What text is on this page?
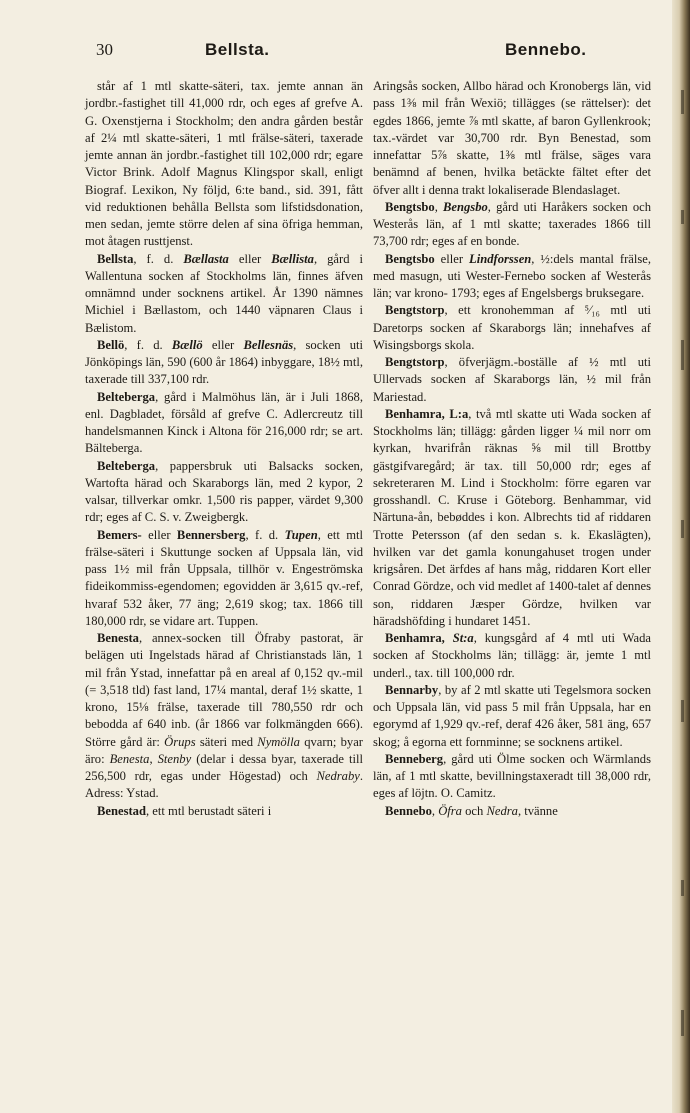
30	Bellsta.	Bennebo.

står af 1 mtl skatte-säteri, tax. jemte annan än jordbr.-fastighet till 41,000 rdr, och eges af grefve A. G. Oxenstjerna i Stockholm; den andra gården består af 2¼ mtl skatte-säteri, 1 mtl frälse-säteri, taxerade jemte annan än jordbr.-fastighet till 102,000 rdr; egare Victor Brink. Adolf Magnus Klingspor skall, enligt Biograf. Lexikon, Ny följd, 6:te band., sid. 391, fått vid reduktionen behålla Bellsta som lifstidsdonation, men sedan, jemte större delen af sina öfriga hemman, mot åtagen rusttjenst.

Bellsta, f. d. Bællasta eller Bællista, gård i Wallentuna socken af Stockholms län, finnes äfven omnämnd under socknens artikel. År 1390 nämnes Michiel i Bællastom, och 1440 väpnaren Claus i Bælistom.

Bellö, f. d. Bællö eller Bellesnäs, socken uti Jönköpings län, 590 (600 år 1864) inbyggare, 18½ mtl, taxerade till 337,100 rdr.

Belteberga, gård i Malmöhus län, är i Juli 1868, enl. Dagbladet, försåld af grefve C. Adlercreutz till handelsmannen Kinck i Altona för 216,000 rdr; se art. Bälteberga.

Belteberga, pappersbruk uti Balsacks socken, Wartofta härad och Skaraborgs län, med 2 kypor, 2 valsar, tillverkar omkr. 1,500 ris papper, värdet 9,300 rdr; eges af C. S. v. Zweigbergk.

Bemers- eller Bennersberg, f. d. Tupen, ett mtl frälse-säteri i Skuttunge socken af Uppsala län, vid pass 1½ mil från Uppsala, tillhör v. Engeströmska fideikommiss-egendomen; egovidden är 3,615 qv.-ref, hvaraf 532 åker, 77 äng; 2,619 skog; tax. 1866 till 180,000 rdr, se vidare art. Tuppen.

Benesta, annex-socken till Öfraby pastorat, är belägen uti Ingelstads härad af Christianstads län, 1 mil från Ystad, innefattar på en areal af 0,152 qv.-mil (= 3,518 tld) fast land, 17¼ mantal, deraf 1½ skatte, 1 krono, 15⅛ frälse, taxerade till 780,550 rdr och bebodda af 640 inb. (år 1866 var folkmängden 666). Större gård är: Örups säteri med Nymölla qvarn; byar äro: Benesta, Stenby (delar i dessa byar, taxerade till 256,500 rdr, egas under Högestad) och Nedraby. Adress: Ystad.

Benestad, ett mtl berustadt säteri i

Aringsås socken, Allbo härad och Kronobergs län, vid pass 1⅜ mil från Wexiö; tillägges (se rättelser): det egdes 1866, jemte ⅞ mtl skatte, af baron Gyllenkrook; tax.-värdet var 30,700 rdr. Byn Benestad, som innefattar 5⅞ skatte, 1⅜ mtl frälse, säges vara benämnd af benen, hvilka betäckte fältet efter det öfver allt i denna trakt lokaliserade Blendaslaget.

Bengtsbo, Bengsbo, gård uti Haråkers socken och Westerås län, af 1 mtl skatte; taxerades 1866 till 73,700 rdr; eges af en bonde.

Bengtsbo eller Lindforssen, ½:dels mantal frälse, med masugn, uti Wester-Fernebo socken af Westerås län; var krono- 1793; eges af Engelsbergs bruksegare.

Bengtstorp, ett kronohemman af ⁵⁄₁₆ mtl uti Daretorps socken af Skaraborgs län; innehafves af Wisingsborgs skola.

Bengtstorp, öfverjägm.-boställe af ½ mtl uti Ullervads socken af Skaraborgs län, ½ mil från Mariestad.

Benhamra, L:a, två mtl skatte uti Wada socken af Stockholms län; tillägg: gården ligger ¼ mil norr om kyrkan, hvarifrån räknas ⅝ mil till Brottby gästgifvaregård; är tax. till 50,000 rdr; eges af sekreteraren M. Lind i Stockholm: förre egaren var grosshandl. C. Kruse i Göteborg. Benhammar, vid Närtuna-ån, bebøddes i kon. Albrechts tid af riddaren Trotte Petersson (af den sedan s. k. Ekaslägten), hvilken var det gamla konungahuset trogen under krigsåren. Det ärfdes af hans måg, riddaren Kort eller Conrad Gördze, och vid medlet af 1400-talet af dennes son, riddaren Jæsper Gördze, hvilken var häradshöfding i hundaret 1451.

Benhamra, St:a, kungsgård af 4 mtl uti Wada socken af Stockholms län; tillägg: är, jemte 1 mtl underl., tax. till 100,000 rdr.

Bennarby, by af 2 mtl skatte uti Tegelsmora socken och Uppsala län, vid pass 5 mil från Uppsala, har en egorymd af 1,929 qv.-ref, deraf 426 åker, 581 äng, 657 skog; å egorna ett fornminne; se socknens artikel.

Benneberg, gård uti Ölme socken och Wärmlands län, af 1 mtl skatte, bevillningstaxeradt till 38,000 rdr, eges af löjtn. O. Camitz.

Bennebo, Öfra och Nedra, tvänne
